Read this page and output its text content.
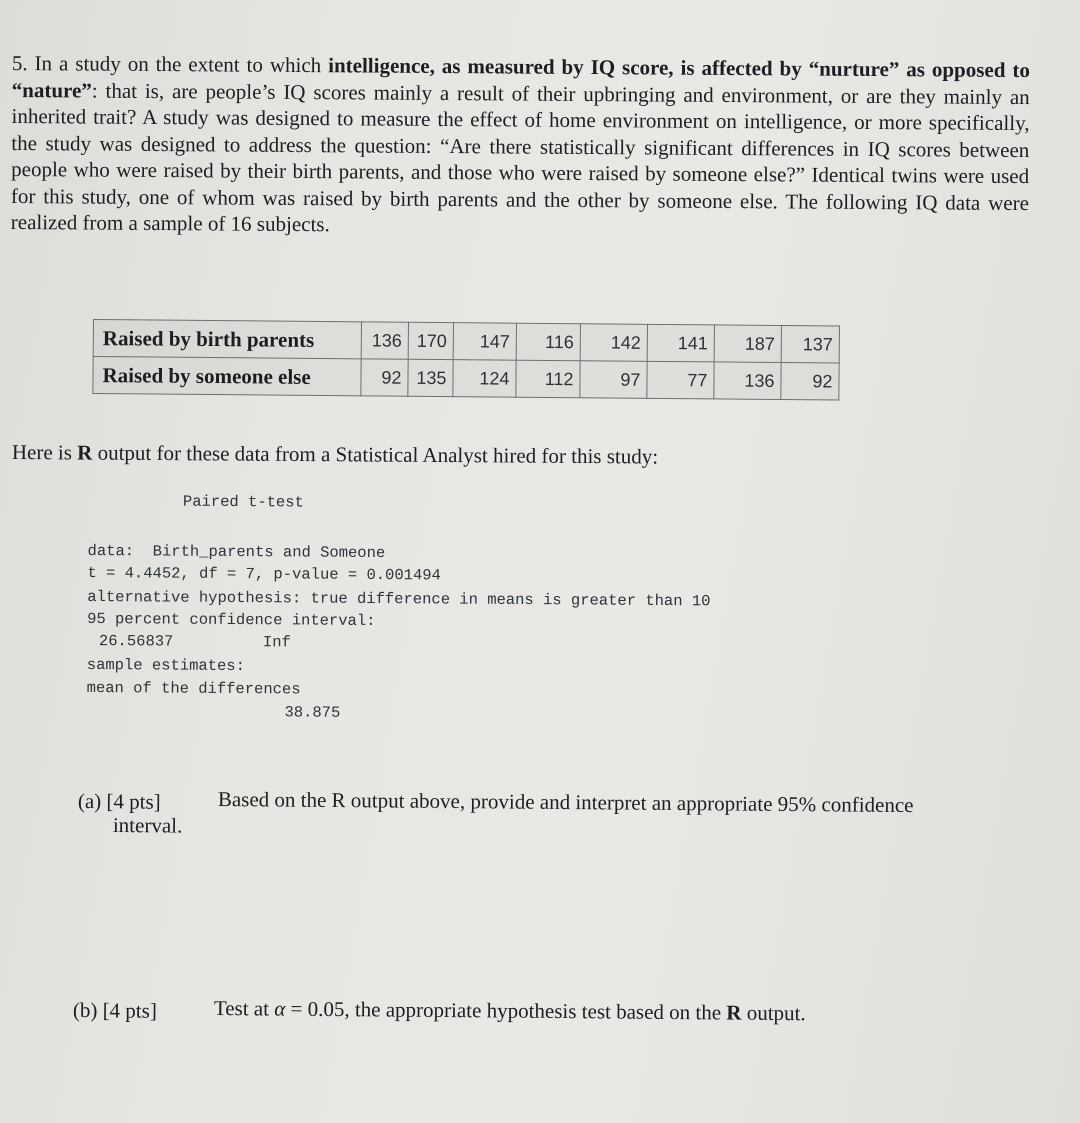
5. In a study on the extent to which intelligence, as measured by IQ score, is affected by “nurture” as opposed to “nature”: that is, are people’s IQ scores mainly a result of their upbringing and environment, or are they mainly an inherited trait? A study was designed to measure the effect of home environment on intelligence, or more specifically, the study was designed to address the question: “Are there statistically significant differences in IQ scores between people who were raised by their birth parents, and those who were raised by someone else?” Identical twins were used for this study, one of whom was raised by birth parents and the other by someone else. The following IQ data were realized from a sample of 16 subjects.
Raised by birth parents	136	170	147	116	142	141	187	137
Raised by someone else	92	135	124	112	97	77	136	92
Here is R output for these data from a Statistical Analyst hired for this study:
Paired t-test
data:  Birth_parents and Someone
t = 4.4452, df = 7, p-value = 0.001494
alternative hypothesis: true difference in means is greater than 10
95 percent confidence interval:
26.56837	Inf
sample estimates:
mean of the differences
38.875
(a) [4 pts]	Based on the R output above, provide and interpret an appropriate 95% confidence
interval.
(b) [4 pts]	Test at α = 0.05, the appropriate hypothesis test based on the R output.
